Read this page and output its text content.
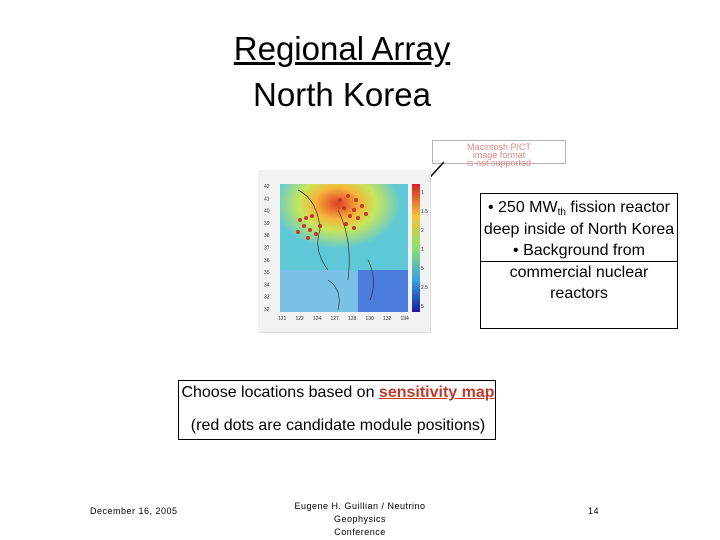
Regional Array
North Korea
Macintosh PICT
image format
is not supported
42
41
40
39
38
37
36
35
34
33
32
121 122 124 127 128 130 132 134
1
1.5
2
1
5
2.5
5
• 250 $MW_{th}$ fission reactor deep inside of North Korea
• Background from commercial nuclear reactors
Choose locations based on sensitivity map
(red dots are candidate module positions)
December 16, 2005	Eugene H. Guillian / Neutrino Geophysics
Conference
14
